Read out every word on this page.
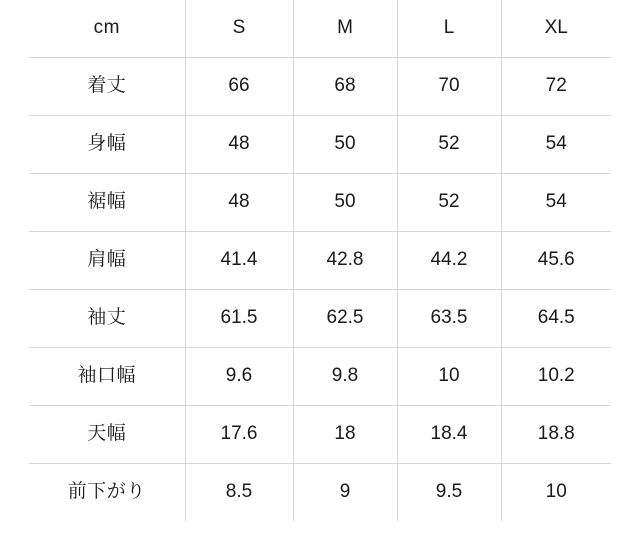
cm	S	M	L	XL
着丈	66	68	70	72
身幅	48	50	52	54
裾幅	48	50	52	54
肩幅	41.4	42.8	44.2	45.6
袖丈	61.5	62.5	63.5	64.5
袖口幅	9.6	9.8	10	10.2
天幅	17.6	18	18.4	18.8
前下がり	8.5	9	9.5	10
